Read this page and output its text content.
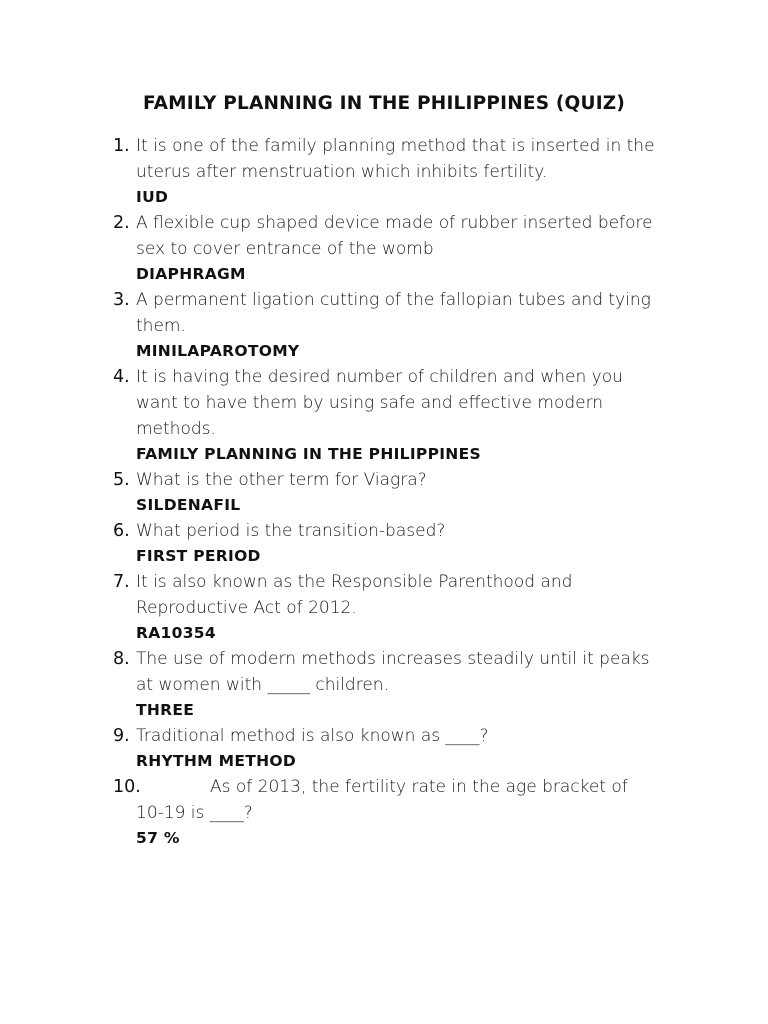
FAMILY PLANNING IN THE PHILIPPINES (QUIZ)
1. It is one of the family planning method that is inserted in the uterus after menstruation which inhibits fertility.
IUD
2. A flexible cup shaped device made of rubber inserted before sex to cover entrance of the womb
DIAPHRAGM
3. A permanent ligation cutting of the fallopian tubes and tying them.
MINILAPAROTOMY
4. It is having the desired number of children and when you want to have them by using safe and effective modern methods.
FAMILY PLANNING IN THE PHILIPPINES
5. What is the other term for Viagra?
SILDENAFIL
6. What period is the transition-based?
FIRST PERIOD
7. It is also known as the Responsible Parenthood and Reproductive Act of 2012.
RA10354
8. The use of modern methods increases steadily until it peaks at women with _____ children.
THREE
9. Traditional method is also known as ____?
RHYTHM METHOD
10.	As of 2013, the fertility rate in the age bracket of 10-19 is ____?
57 %
